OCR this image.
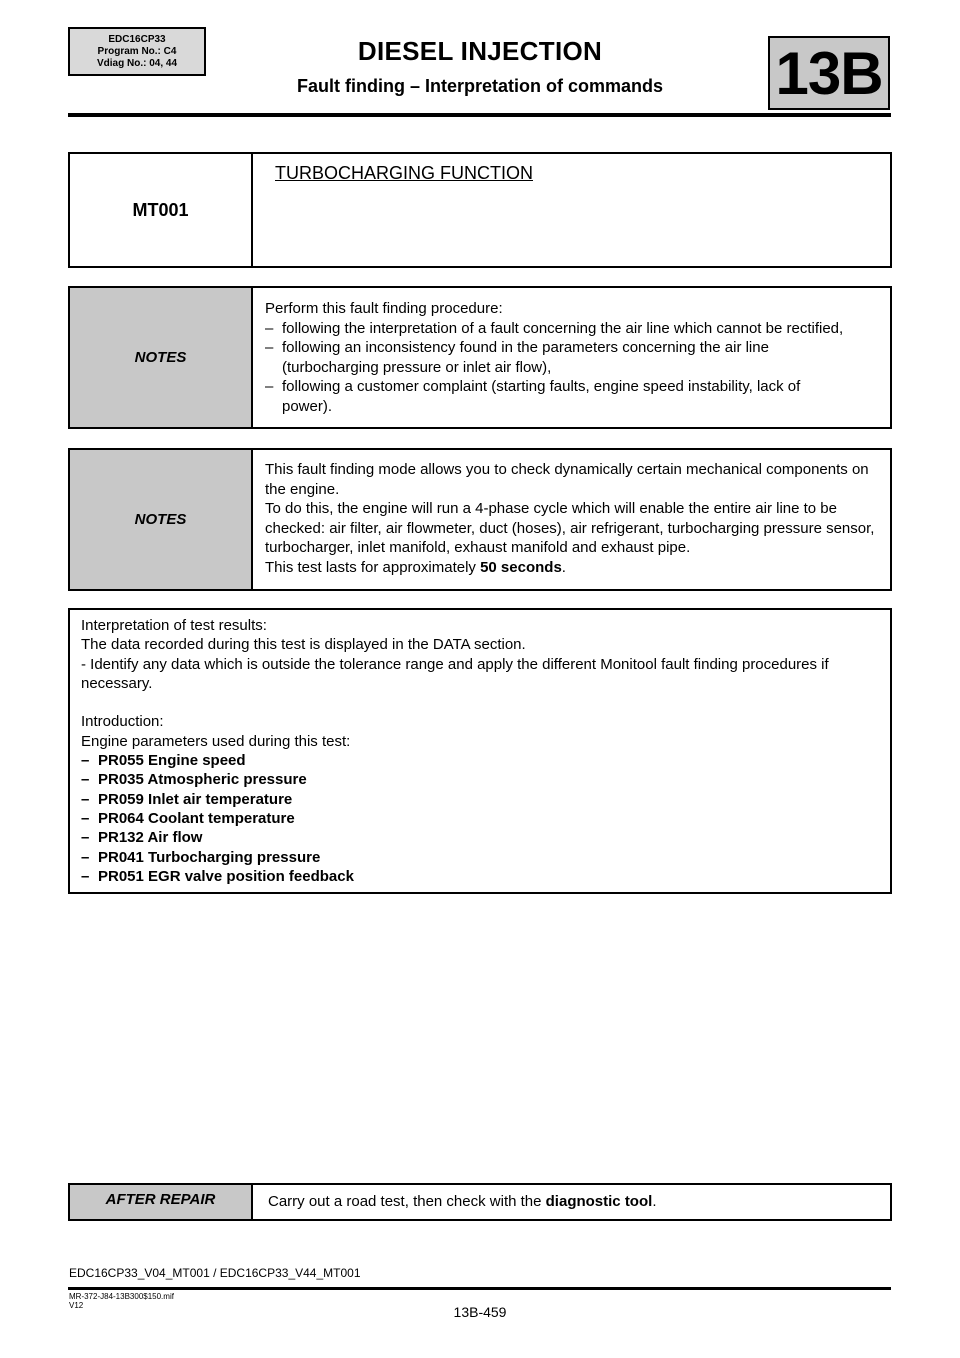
EDC16CP33
Program No.: C4
Vdiag No.: 04, 44	DIESEL INJECTION
Fault finding – Interpretation of commands	13B
MT001
TURBOCHARGING FUNCTION
NOTES
Perform this fault finding procedure:
– following the interpretation of a fault concerning the air line which cannot be rectified,
– following an inconsistency found in the parameters concerning the air line (turbocharging pressure or inlet air flow),
– following a customer complaint (starting faults, engine speed instability, lack of power).
NOTES
This fault finding mode allows you to check dynamically certain mechanical components on the engine.
To do this, the engine will run a 4-phase cycle which will enable the entire air line to be checked: air filter, air flowmeter, duct (hoses), air refrigerant, turbocharging pressure sensor, turbocharger, inlet manifold, exhaust manifold and exhaust pipe.
This test lasts for approximately 50 seconds.
Interpretation of test results:
The data recorded during this test is displayed in the DATA section.
- Identify any data which is outside the tolerance range and apply the different Monitool fault finding procedures if necessary.
Introduction:
Engine parameters used during this test:
– PR055 Engine speed
– PR035 Atmospheric pressure
– PR059 Inlet air temperature
– PR064 Coolant temperature
– PR132 Air flow
– PR041 Turbocharging pressure
– PR051 EGR valve position feedback
AFTER REPAIR	Carry out a road test, then check with the diagnostic tool.
EDC16CP33_V04_MT001 / EDC16CP33_V44_MT001
MR-372-J84-13B300$150.mif
V12	13B-459
